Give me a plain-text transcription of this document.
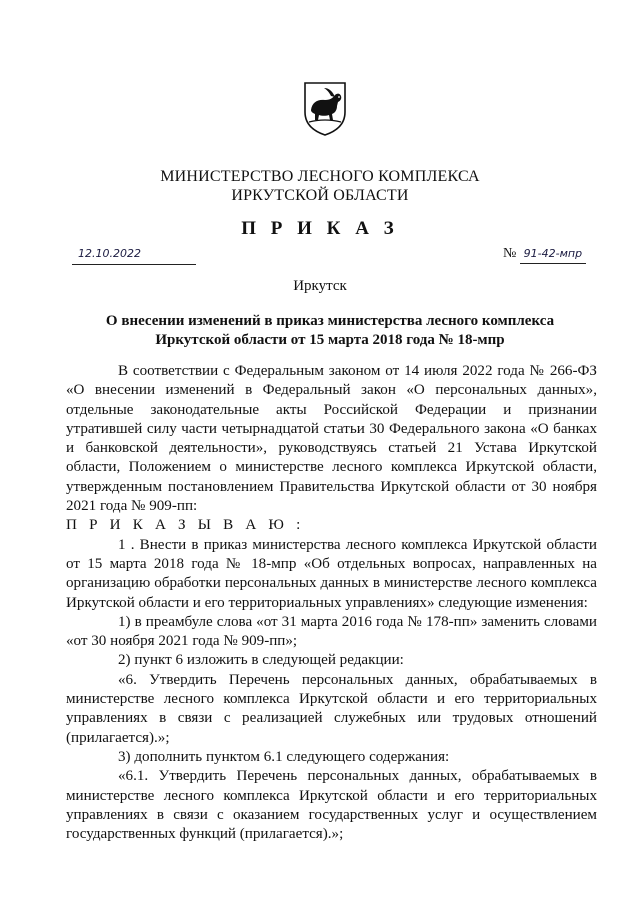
МИНИСТЕРСТВО ЛЕСНОГО КОМПЛЕКСА
ИРКУТСКОЙ ОБЛАСТИ
П Р И К А З
12.10.2022	№ 91-42-мпр
Иркутск
О внесении изменений в приказ министерства лесного комплекса
Иркутской области от 15 марта 2018 года № 18-мпр

В соответствии с Федеральным законом от 14 июля 2022 года № 266-ФЗ «О внесении изменений в Федеральный закон «О персональных данных», отдельные законодательные акты Российской Федерации и признании утратившей силу части четырнадцатой статьи 30 Федерального закона «О банках и банковской деятельности», руководствуясь статьей 21 Устава Иркутской области, Положением о министерстве лесного комплекса Иркутской области, утвержденным постановлением Правительства Иркутской области от 30 ноября 2021 года № 909-пп:

П Р И К А З Ы В А Ю :

1 . Внести в приказ министерства лесного комплекса Иркутской области от 15 марта 2018 года № 18-мпр «Об отдельных вопросах, направленных на организацию обработки персональных данных в министерстве лесного комплекса Иркутской области и его территориальных управлениях» следующие изменения:

1) в преамбуле слова «от 31 марта 2016 года № 178-пп» заменить словами «от 30 ноября 2021 года № 909-пп»;

2) пункт 6 изложить в следующей редакции:

«6. Утвердить Перечень персональных данных, обрабатываемых в министерстве лесного комплекса Иркутской области и его территориальных управлениях в связи с реализацией служебных или трудовых отношений (прилагается).»;

3) дополнить пунктом 6.1 следующего содержания:

«6.1. Утвердить Перечень персональных данных, обрабатываемых в министерстве лесного комплекса Иркутской области и его территориальных управлениях в связи с оказанием государственных услуг и осуществлением государственных функций (прилагается).»;
